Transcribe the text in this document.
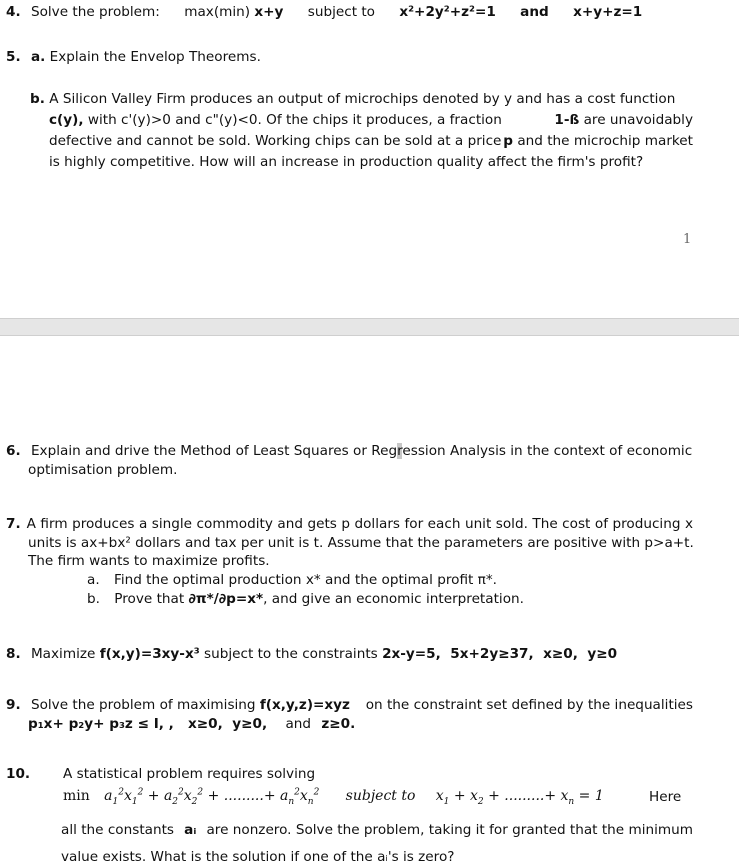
4. Solve the problem: max(min) x+y subject to x²+2y²+z²=1 and x+y+z=1
5. a. Explain the Envelop Theorems.
b. A Silicon Valley Firm produces an output of microchips denoted by y and has a cost function
c(y), with c'(y)>0 and c"(y)<0. Of the chips it produces, a fraction	1-ß are unavoidably
defective and cannot be sold. Working chips can be sold at a price p and the microchip market
is highly competitive. How will an increase in production quality affect the firm's profit?
1
6. Explain and drive the Method of Least Squares or Regression Analysis in the context of economic
optimisation problem.
7. A firm produces a single commodity and gets p dollars for each unit sold. The cost of producing x
units is ax+bx² dollars and tax per unit is t. Assume that the parameters are positive with p>a+t.
The firm wants to maximize profits.
a. Find the optimal production x* and the optimal profit π*.
b. Prove that ∂π*/∂p=x*, and give an economic interpretation.
8. Maximize f(x,y)=3xy-x³ subject to the constraints 2x-y=5,  5x+2y≥37,  x≥0,  y≥0
9. Solve the problem of maximising f(x,y,z)=xyz on the constraint set defined by the inequalities
p₁x+ p₂y+ p₃z ≤ I, ,   x≥0,  y≥0, and z≥0.
10. A statistical problem requires solving
$\min a_1^2x_1^2 + a_2^2x_2^2$ + .........+ $a_n^2x_n^2$ subject to $x_1 + x_2$ + .........+ $x_n = 1$	Here
all the constants aᵢ are nonzero. Solve the problem, taking it for granted that the minimum
value exists. What is the solution if one of the aᵢ's is zero?
